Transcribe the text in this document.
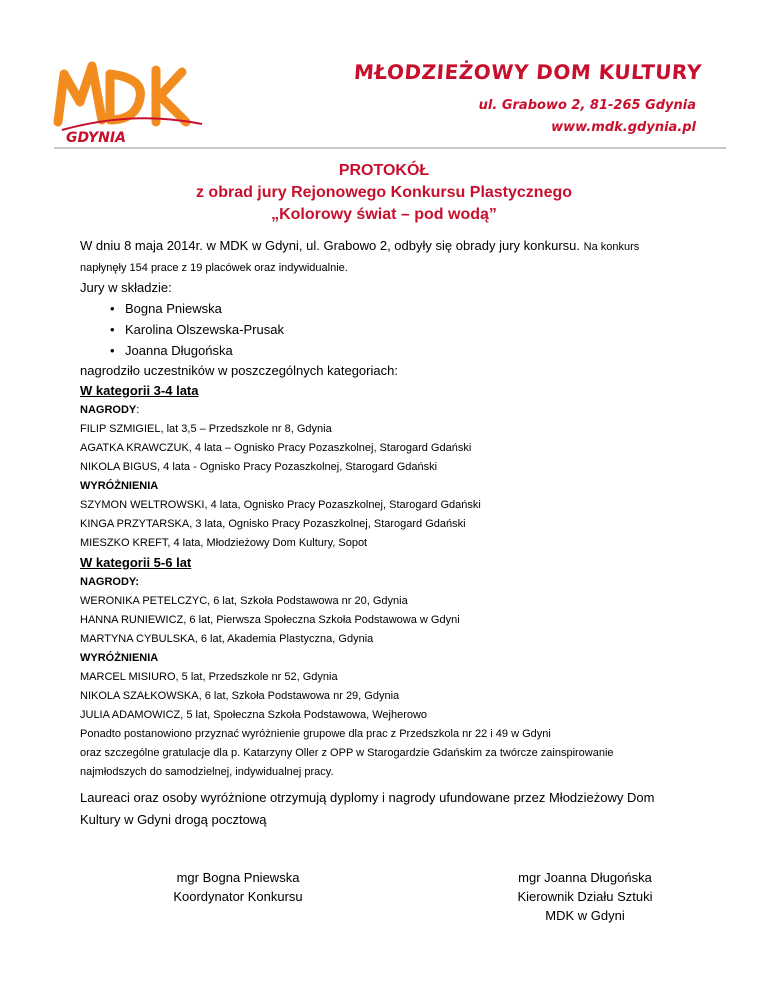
GDYNIA
MŁODZIEŻOWY DOM KULTURY
ul. Grabowo 2, 81-265 Gdynia
www.mdk.gdynia.pl
PROTOKÓŁ
z obrad jury Rejonowego Konkursu Plastycznego
„Kolorowy świat – pod wodą”

W dniu 8 maja 2014r. w MDK w Gdyni, ul. Grabowo 2, odbyły się obrady jury konkursu. Na konkurs

napłynęły 154 prace z 19 placówek oraz indywidualnie.

Jury w składzie:

• Bogna Pniewska
• Karolina Olszewska-Prusak
• Joanna Długońska

nagrodziło uczestników w poszczególnych kategoriach:

W kategorii 3-4 lata

NAGRODY:

FILIP SZMIGIEL, lat 3,5 – Przedszkole nr 8, Gdynia

AGATKA KRAWCZUK, 4 lata – Ognisko Pracy Pozaszkolnej, Starogard Gdański

NIKOLA BIGUS, 4 lata - Ognisko Pracy Pozaszkolnej, Starogard Gdański

WYRÓŻNIENIA

SZYMON WELTROWSKI, 4 lata, Ognisko Pracy Pozaszkolnej, Starogard Gdański

KINGA PRZYTARSKA, 3 lata, Ognisko Pracy Pozaszkolnej, Starogard Gdański

MIESZKO KREFT, 4 lata, Młodzieżowy Dom Kultury, Sopot

W kategorii 5-6 lat

NAGRODY:

WERONIKA PETELCZYC, 6 lat, Szkoła Podstawowa nr 20, Gdynia

HANNA RUNIEWICZ, 6 lat, Pierwsza Społeczna Szkoła Podstawowa w Gdyni

MARTYNA CYBULSKA, 6 lat, Akademia Plastyczna, Gdynia

WYRÓŻNIENIA

MARCEL MISIURO, 5 lat, Przedszkole nr 52, Gdynia

NIKOLA SZAŁKOWSKA, 6 lat, Szkoła Podstawowa nr 29, Gdynia

JULIA ADAMOWICZ, 5 lat, Społeczna Szkoła Podstawowa, Wejherowo

Ponadto postanowiono przyznać wyróżnienie grupowe dla prac z Przedszkola nr 22 i 49 w Gdyni

oraz szczególne gratulacje dla p. Katarzyny Oller z OPP w Starogardzie Gdańskim za twórcze zainspirowanie

najmłodszych do samodzielnej, indywidualnej pracy.

Laureaci oraz osoby wyróżnione otrzymują dyplomy i nagrody ufundowane przez Młodzieżowy Dom
Kultury w Gdyni drogą pocztową
mgr Bogna Pniewska
Koordynator Konkursu
mgr Joanna Długońska
Kierownik Działu Sztuki
MDK w Gdyni
